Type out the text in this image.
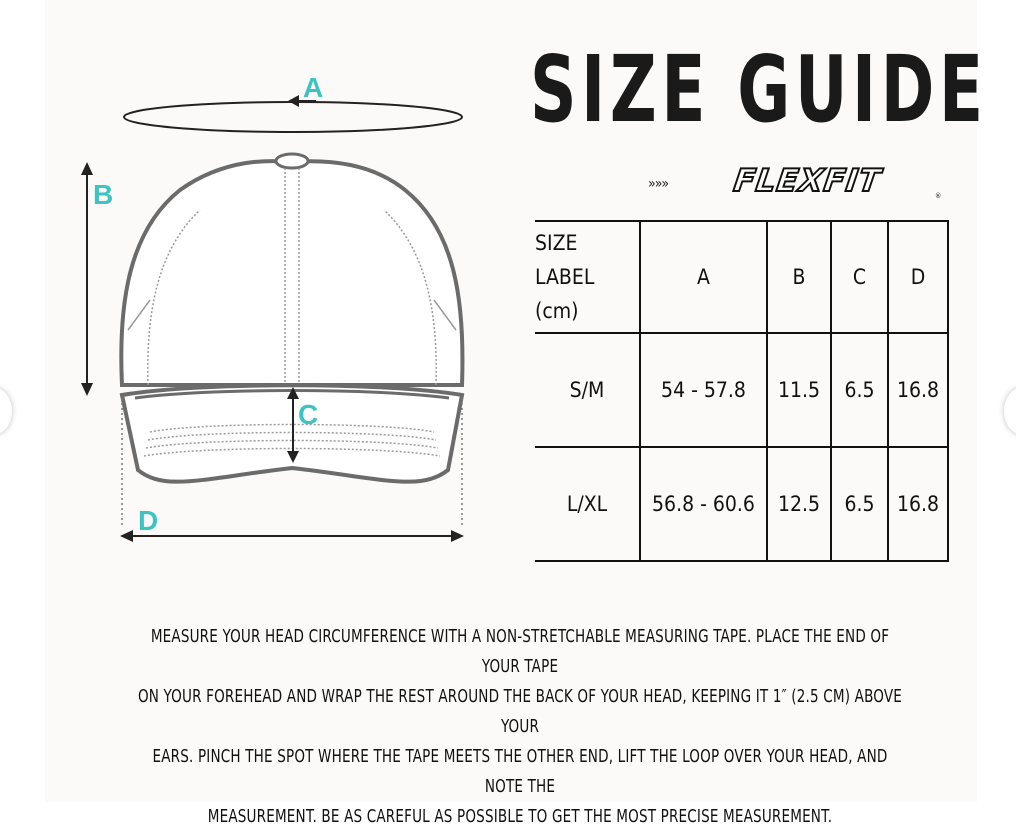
A
B
C
D
SIZE GUIDE
»»» FLEXFIT	®
SIZE LABEL
(cm)	A	B	C	D
S/M	54 - 57.8	11.5	6.5	16.8
L/XL	56.8 - 60.6	12.5	6.5	16.8
MEASURE YOUR HEAD CIRCUMFERENCE WITH A NON-STRETCHABLE MEASURING TAPE. PLACE THE END OF YOUR TAPE
ON YOUR FOREHEAD AND WRAP THE REST AROUND THE BACK OF YOUR HEAD, KEEPING IT 1″ (2.5 CM) ABOVE YOUR
EARS. PINCH THE SPOT WHERE THE TAPE MEETS THE OTHER END, LIFT THE LOOP OVER YOUR HEAD, AND NOTE THE
MEASUREMENT. BE AS CAREFUL AS POSSIBLE TO GET THE MOST PRECISE MEASUREMENT.
